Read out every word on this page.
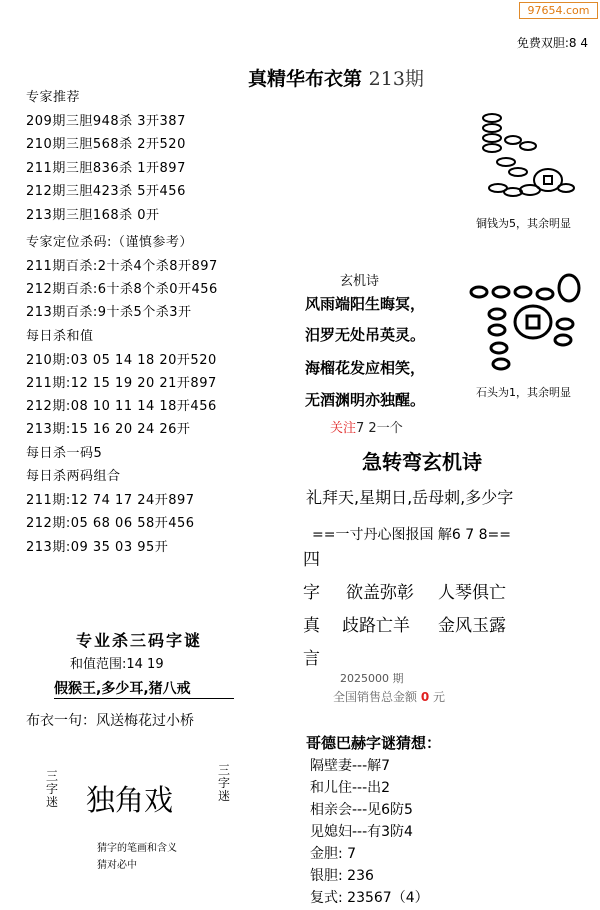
97654.com
免费双胆:8 4
真精华布衣第 213期
专家推荐
209期三胆948杀 3开387
210期三胆568杀 2开520
211期三胆836杀 1开897
212期三胆423杀 5开456
213期三胆168杀 0开
专家定位杀码:（谨慎参考）
211期百杀:2十杀4个杀8开897
212期百杀:6十杀8个杀0开456
213期百杀:9十杀5个杀3开
每日杀和值
210期:03 05 14 18 20开520
211期:12 15 19 20 21开897
212期:08 10 11 14 18开456
213期:15 16 20 24 26开
每日杀一码5
每日杀两码组合
211期:12 74 17 24开897
212期:05 68 06 58开456
213期:09 35 03 95开
铜钱为5，其余明显
玄机诗
风雨端阳生晦冥，
汨罗无处吊英灵。
海榴花发应相笑，
无酒渊明亦独醒。	石头为1，其余明显
关注7 2一个
急转弯玄机诗
礼拜天,星期日,岳母刺,多少字
==一寸丹心图报国 解6 7 8==
四
字 欲盖弥彰 人琴俱亡
真 歧路亡羊 金风玉露
言
2025000 期
全国销售总金额 0 元
哥德巴赫字谜猜想：
隔壁妻---解7
和儿住---出2
相亲会---见6防5
见媳妇---有3防4
金胆: 7
银胆: 236
复式: 23567（4）
专业杀三码字谜
和值范围:14 19
假猴王,多少耳,猪八戒
布衣一句：风送梅花过小桥
三字迷 独角戏
三字迷
猜字的笔画和含义
猜对必中
